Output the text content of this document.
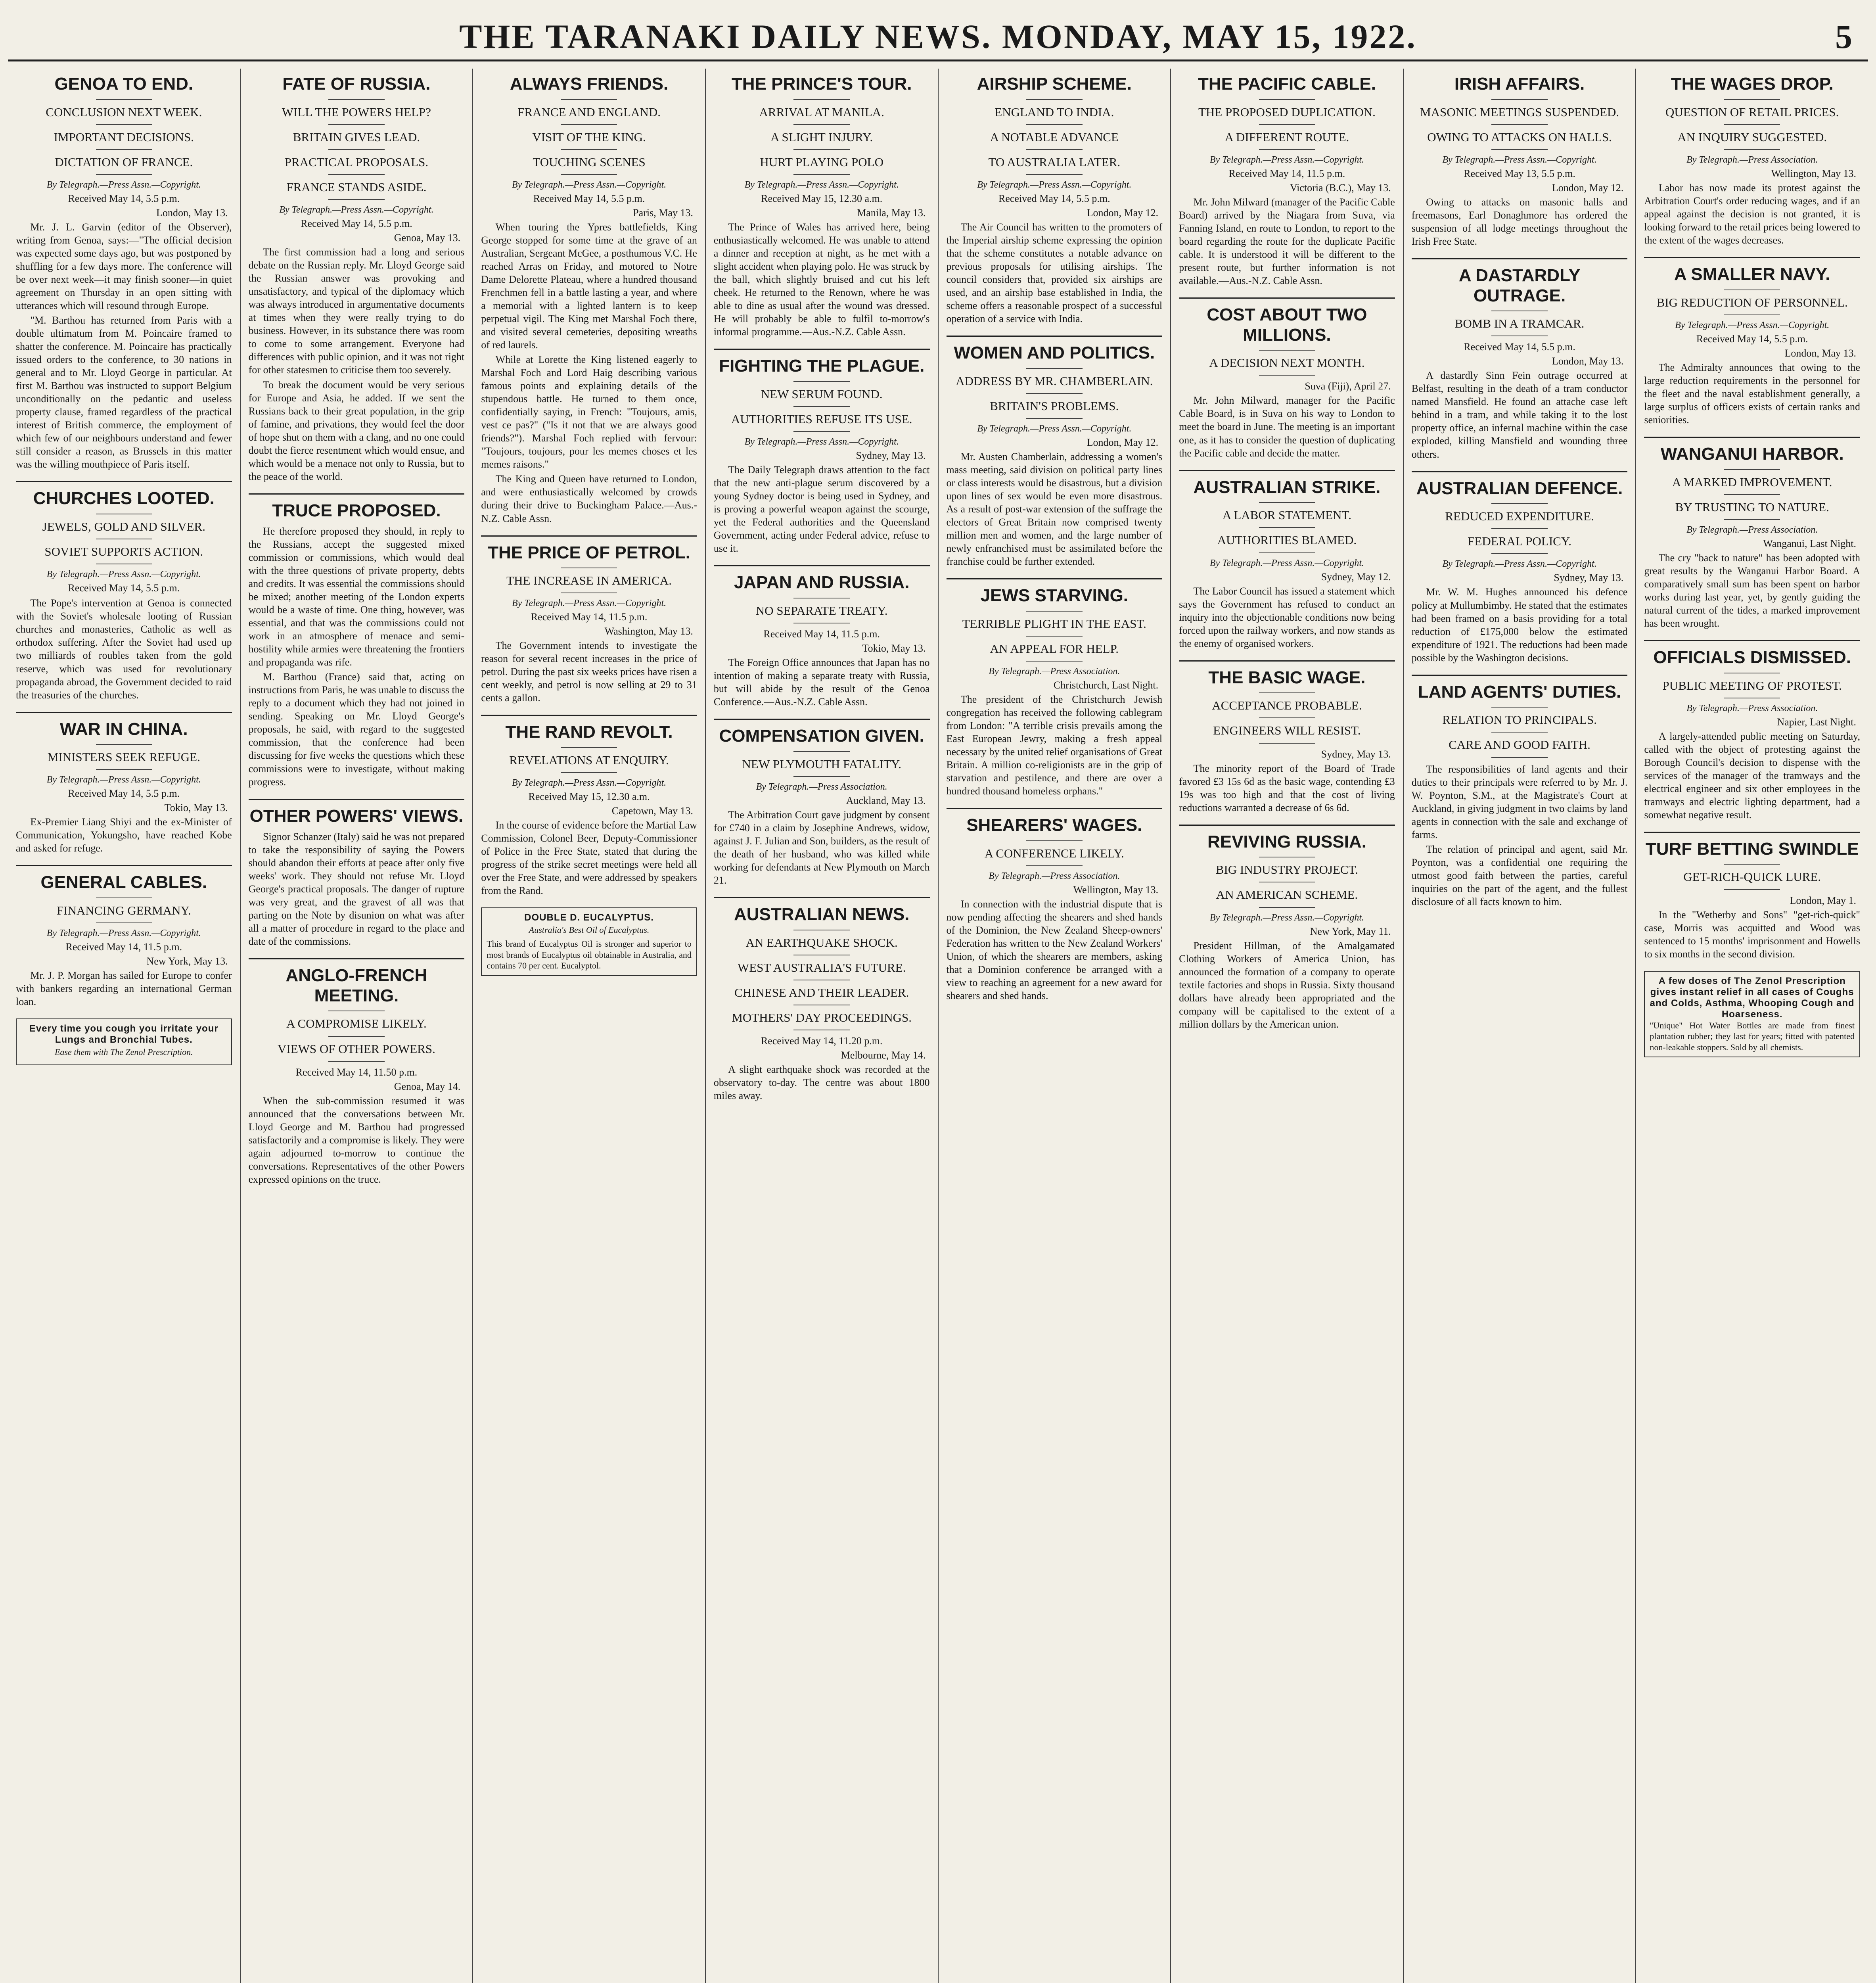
THE TARANAKI DAILY NEWS. MONDAY, MAY 15, 1922.	5
GENOA TO END.
CONCLUSION NEXT WEEK.
IMPORTANT DECISIONS.
DICTATION OF FRANCE.
By Telegraph.—Press Assn.—Copyright.
Received May 14, 5.5 p.m.
London, May 13.

Mr. J. L. Garvin (editor of the Observer), writing from Genoa, says:—"The official decision was expected some days ago, but was postponed by shuffling for a few days more. The conference will be over next week—it may finish sooner—in quiet agreement on Thursday in an open sitting with utterances which will resound through Europe.

"M. Barthou has returned from Paris with a double ultimatum from M. Poincaire framed to shatter the conference. M. Poincaire has practically issued orders to the conference, to 30 nations in general and to Mr. Lloyd George in particular. At first M. Barthou was instructed to support Belgium unconditionally on the pedantic and useless property clause, framed regardless of the practical interest of British commerce, the employment of which few of our neighbours understand and fewer still consider a reason, as Brussels in this matter was the willing mouthpiece of Paris itself.

CHURCHES LOOTED.
JEWELS, GOLD AND SILVER.
SOVIET SUPPORTS ACTION.
By Telegraph.—Press Assn.—Copyright.
Received May 14, 5.5 p.m.

The Pope's intervention at Genoa is connected with the Soviet's wholesale looting of Russian churches and monasteries, Catholic as well as orthodox suffering. After the Soviet had used up two milliards of roubles taken from the gold reserve, which was used for revolutionary propaganda abroad, the Government decided to raid the treasuries of the churches.

WAR IN CHINA.
MINISTERS SEEK REFUGE.
By Telegraph.—Press Assn.—Copyright.
Received May 14, 5.5 p.m.
Tokio, May 13.

Ex-Premier Liang Shiyi and the ex-Minister of Communication, Yokungsho, have reached Kobe and asked for refuge.

GENERAL CABLES.
FINANCING GERMANY.
By Telegraph.—Press Assn.—Copyright.
Received May 14, 11.5 p.m.
New York, May 13.

Mr. J. P. Morgan has sailed for Europe to confer with bankers regarding an international German loan.

Every time you cough you irritate your Lungs and Bronchial Tubes.
Ease them with The Zenol Prescription.
FATE OF RUSSIA.
WILL THE POWERS HELP?
BRITAIN GIVES LEAD.
PRACTICAL PROPOSALS.
FRANCE STANDS ASIDE.
By Telegraph.—Press Assn.—Copyright.
Received May 14, 5.5 p.m.
Genoa, May 13.

The first commission had a long and serious debate on the Russian reply. Mr. Lloyd George said the Russian answer was provoking and unsatisfactory, and typical of the diplomacy which was always introduced in argumentative documents at times when they were really trying to do business. However, in its substance there was room to come to some arrangement. Everyone had differences with public opinion, and it was not right for other statesmen to criticise them too severely.

To break the document would be very serious for Europe and Asia, he added. If we sent the Russians back to their great population, in the grip of famine, and privations, they would feel the door of hope shut on them with a clang, and no one could doubt the fierce resentment which would ensue, and which would be a menace not only to Russia, but to the peace of the world.

TRUCE PROPOSED.

He therefore proposed they should, in reply to the Russians, accept the suggested mixed commission or commissions, which would deal with the three questions of private property, debts and credits. It was essential the commissions should be mixed; another meeting of the London experts would be a waste of time. One thing, however, was essential, and that was the commissions could not work in an atmosphere of menace and semi-hostility while armies were threatening the frontiers and propaganda was rife.

M. Barthou (France) said that, acting on instructions from Paris, he was unable to discuss the reply to a document which they had not joined in sending. Speaking on Mr. Lloyd George's proposals, he said, with regard to the suggested commission, that the conference had been discussing for five weeks the questions which these commissions were to investigate, without making progress.

OTHER POWERS' VIEWS.

Signor Schanzer (Italy) said he was not prepared to take the responsibility of saying the Powers should abandon their efforts at peace after only five weeks' work. They should not refuse Mr. Lloyd George's practical proposals. The danger of rupture was very great, and the gravest of all was that parting on the Note by disunion on what was after all a matter of procedure in regard to the place and date of the commissions.

ANGLO-FRENCH MEETING.
A COMPROMISE LIKELY.
VIEWS OF OTHER POWERS.
Received May 14, 11.50 p.m.
Genoa, May 14.

When the sub-commission resumed it was announced that the conversations between Mr. Lloyd George and M. Barthou had progressed satisfactorily and a compromise is likely. They were again adjourned to-morrow to continue the conversations. Representatives of the other Powers expressed opinions on the truce.

ALWAYS FRIENDS.
FRANCE AND ENGLAND.
VISIT OF THE KING.
TOUCHING SCENES
By Telegraph.—Press Assn.—Copyright.
Received May 14, 5.5 p.m.
Paris, May 13.

When touring the Ypres battlefields, King George stopped for some time at the grave of an Australian, Sergeant McGee, a posthumous V.C. He reached Arras on Friday, and motored to Notre Dame Delorette Plateau, where a hundred thousand Frenchmen fell in a battle lasting a year, and where a memorial with a lighted lantern is to keep perpetual vigil. The King met Marshal Foch there, and visited several cemeteries, depositing wreaths of red laurels.

While at Lorette the King listened eagerly to Marshal Foch and Lord Haig describing various famous points and explaining details of the stupendous battle. He turned to them once, confidentially saying, in French: "Toujours, amis, vest ce pas?" ("Is it not that we are always good friends?"). Marshal Foch replied with fervour: "Toujours, toujours, pour les memes choses et les memes raisons."

The King and Queen have returned to London, and were enthusiastically welcomed by crowds during their drive to Buckingham Palace.—Aus.-N.Z. Cable Assn.

THE PRICE OF PETROL.
THE INCREASE IN AMERICA.
By Telegraph.—Press Assn.—Copyright.
Received May 14, 11.5 p.m.
Washington, May 13.

The Government intends to investigate the reason for several recent increases in the price of petrol. During the past six weeks prices have risen a cent weekly, and petrol is now selling at 29 to 31 cents a gallon.

THE RAND REVOLT.
REVELATIONS AT ENQUIRY.
By Telegraph.—Press Assn.—Copyright.
Received May 15, 12.30 a.m.
Capetown, May 13.

In the course of evidence before the Martial Law Commission, Colonel Beer, Deputy-Commissioner of Police in the Free State, stated that during the progress of the strike secret meetings were held all over the Free State, and were addressed by speakers from the Rand.

DOUBLE D. EUCALYPTUS.
Australia's Best Oil of Eucalyptus.
This brand of Eucalyptus Oil is stronger and superior to most brands of Eucalyptus oil obtainable in Australia, and contains 70 per cent. Eucalyptol.
THE PRINCE'S TOUR.
ARRIVAL AT MANILA.
A SLIGHT INJURY.
HURT PLAYING POLO
By Telegraph.—Press Assn.—Copyright.
Received May 15, 12.30 a.m.
Manila, May 13.

The Prince of Wales has arrived here, being enthusiastically welcomed. He was unable to attend a dinner and reception at night, as he met with a slight accident when playing polo. He was struck by the ball, which slightly bruised and cut his left cheek. He returned to the Renown, where he was able to dine as usual after the wound was dressed. He will probably be able to fulfil to-morrow's informal programme.—Aus.-N.Z. Cable Assn.

FIGHTING THE PLAGUE.
NEW SERUM FOUND.
AUTHORITIES REFUSE ITS USE.
By Telegraph.—Press Assn.—Copyright.
Sydney, May 13.

The Daily Telegraph draws attention to the fact that the new anti-plague serum discovered by a young Sydney doctor is being used in Sydney, and is proving a powerful weapon against the scourge, yet the Federal authorities and the Queensland Government, acting under Federal advice, refuse to use it.

JAPAN AND RUSSIA.
NO SEPARATE TREATY.
Received May 14, 11.5 p.m.
Tokio, May 13.

The Foreign Office announces that Japan has no intention of making a separate treaty with Russia, but will abide by the result of the Genoa Conference.—Aus.-N.Z. Cable Assn.

COMPENSATION GIVEN.
NEW PLYMOUTH FATALITY.
By Telegraph.—Press Association.
Auckland, May 13.

The Arbitration Court gave judgment by consent for £740 in a claim by Josephine Andrews, widow, against J. F. Julian and Son, builders, as the result of the death of her husband, who was killed while working for defendants at New Plymouth on March 21.

AUSTRALIAN NEWS.
AN EARTHQUAKE SHOCK.
WEST AUSTRALIA'S FUTURE.
CHINESE AND THEIR LEADER.
MOTHERS' DAY PROCEEDINGS.
Received May 14, 11.20 p.m.
Melbourne, May 14.

A slight earthquake shock was recorded at the observatory to-day. The centre was about 1800 miles away.

AIRSHIP SCHEME.
ENGLAND TO INDIA.
A NOTABLE ADVANCE
TO AUSTRALIA LATER.
By Telegraph.—Press Assn.—Copyright.
Received May 14, 5.5 p.m.
London, May 12.

The Air Council has written to the promoters of the Imperial airship scheme expressing the opinion that the scheme constitutes a notable advance on previous proposals for utilising airships. The council considers that, provided six airships are used, and an airship base established in India, the scheme offers a reasonable prospect of a successful operation of a service with India.

WOMEN AND POLITICS.
ADDRESS BY MR. CHAMBERLAIN.
BRITAIN'S PROBLEMS.
By Telegraph.—Press Assn.—Copyright.
London, May 12.

Mr. Austen Chamberlain, addressing a women's mass meeting, said division on political party lines or class interests would be disastrous, but a division upon lines of sex would be even more disastrous. As a result of post-war extension of the suffrage the electors of Great Britain now comprised twenty million men and women, and the large number of newly enfranchised must be assimilated before the franchise could be further extended.

JEWS STARVING.
TERRIBLE PLIGHT IN THE EAST.
AN APPEAL FOR HELP.
By Telegraph.—Press Association.
Christchurch, Last Night.

The president of the Christchurch Jewish congregation has received the following cablegram from London: "A terrible crisis prevails among the East European Jewry, making a fresh appeal necessary by the united relief organisations of Great Britain. A million co-religionists are in the grip of starvation and pestilence, and there are over a hundred thousand homeless orphans."

SHEARERS' WAGES.
A CONFERENCE LIKELY.
By Telegraph.—Press Association.
Wellington, May 13.

In connection with the industrial dispute that is now pending affecting the shearers and shed hands of the Dominion, the New Zealand Sheep-owners' Federation has written to the New Zealand Workers' Union, of which the shearers are members, asking that a Dominion conference be arranged with a view to reaching an agreement for a new award for shearers and shed hands.

THE PACIFIC CABLE.
THE PROPOSED DUPLICATION.
A DIFFERENT ROUTE.
By Telegraph.—Press Assn.—Copyright.
Received May 14, 11.5 p.m.
Victoria (B.C.), May 13.

Mr. John Milward (manager of the Pacific Cable Board) arrived by the Niagara from Suva, via Fanning Island, en route to London, to report to the board regarding the route for the duplicate Pacific cable. It is understood it will be different to the present route, but further information is not available.—Aus.-N.Z. Cable Assn.

COST ABOUT TWO MILLIONS.
A DECISION NEXT MONTH.
Suva (Fiji), April 27.

Mr. John Milward, manager for the Pacific Cable Board, is in Suva on his way to London to meet the board in June. The meeting is an important one, as it has to consider the question of duplicating the Pacific cable and decide the matter.

AUSTRALIAN STRIKE.
A LABOR STATEMENT.
AUTHORITIES BLAMED.
By Telegraph.—Press Assn.—Copyright.
Sydney, May 12.

The Labor Council has issued a statement which says the Government has refused to conduct an inquiry into the objectionable conditions now being forced upon the railway workers, and now stands as the enemy of organised workers.

THE BASIC WAGE.
ACCEPTANCE PROBABLE.
ENGINEERS WILL RESIST.
Sydney, May 13.

The minority report of the Board of Trade favored £3 15s 6d as the basic wage, contending £3 19s was too high and that the cost of living reductions warranted a decrease of 6s 6d.

REVIVING RUSSIA.
BIG INDUSTRY PROJECT.
AN AMERICAN SCHEME.
By Telegraph.—Press Assn.—Copyright.
New York, May 11.

President Hillman, of the Amalgamated Clothing Workers of America Union, has announced the formation of a company to operate textile factories and shops in Russia. Sixty thousand dollars have already been appropriated and the company will be capitalised to the extent of a million dollars by the American union.

IRISH AFFAIRS.
MASONIC MEETINGS SUSPENDED.
OWING TO ATTACKS ON HALLS.
By Telegraph.—Press Assn.—Copyright.
Received May 13, 5.5 p.m.
London, May 12.

Owing to attacks on masonic halls and freemasons, Earl Donaghmore has ordered the suspension of all lodge meetings throughout the Irish Free State.

A DASTARDLY OUTRAGE.
BOMB IN A TRAMCAR.
Received May 14, 5.5 p.m.
London, May 13.

A dastardly Sinn Fein outrage occurred at Belfast, resulting in the death of a tram conductor named Mansfield. He found an attache case left behind in a tram, and while taking it to the lost property office, an infernal machine within the case exploded, killing Mansfield and wounding three others.

AUSTRALIAN DEFENCE.
REDUCED EXPENDITURE.
FEDERAL POLICY.
By Telegraph.—Press Assn.—Copyright.
Sydney, May 13.

Mr. W. M. Hughes announced his defence policy at Mullumbimby. He stated that the estimates had been framed on a basis providing for a total reduction of £175,000 below the estimated expenditure of 1921. The reductions had been made possible by the Washington decisions.

LAND AGENTS' DUTIES.
RELATION TO PRINCIPALS.
CARE AND GOOD FAITH.

The responsibilities of land agents and their duties to their principals were referred to by Mr. J. W. Poynton, S.M., at the Magistrate's Court at Auckland, in giving judgment in two claims by land agents in connection with the sale and exchange of farms.

The relation of principal and agent, said Mr. Poynton, was a confidential one requiring the utmost good faith between the parties, careful inquiries on the part of the agent, and the fullest disclosure of all facts known to him.

THE WAGES DROP.
QUESTION OF RETAIL PRICES.
AN INQUIRY SUGGESTED.
By Telegraph.—Press Association.
Wellington, May 13.

Labor has now made its protest against the Arbitration Court's order reducing wages, and if an appeal against the decision is not granted, it is looking forward to the retail prices being lowered to the extent of the wages decreases.

A SMALLER NAVY.
BIG REDUCTION OF PERSONNEL.
By Telegraph.—Press Assn.—Copyright.
Received May 14, 5.5 p.m.
London, May 13.

The Admiralty announces that owing to the large reduction requirements in the personnel for the fleet and the naval establishment generally, a large surplus of officers exists of certain ranks and seniorities.

WANGANUI HARBOR.
A MARKED IMPROVEMENT.
BY TRUSTING TO NATURE.
By Telegraph.—Press Association.
Wanganui, Last Night.

The cry "back to nature" has been adopted with great results by the Wanganui Harbor Board. A comparatively small sum has been spent on harbor works during last year, yet, by gently guiding the natural current of the tides, a marked improvement has been wrought.

OFFICIALS DISMISSED.
PUBLIC MEETING OF PROTEST.
By Telegraph.—Press Association.
Napier, Last Night.

A largely-attended public meeting on Saturday, called with the object of protesting against the Borough Council's decision to dispense with the services of the manager of the tramways and the electrical engineer and six other employees in the tramways and electric lighting department, had a somewhat negative result.

TURF BETTING SWINDLE
GET-RICH-QUICK LURE.
London, May 1.

In the "Wetherby and Sons" "get-rich-quick" case, Morris was acquitted and Wood was sentenced to 15 months' imprisonment and Howells to six months in the second division.

A few doses of The Zenol Prescription gives instant relief in all cases of Coughs and Colds, Asthma, Whooping Cough and Hoarseness.
"Unique" Hot Water Bottles are made from finest plantation rubber; they last for years; fitted with patented non-leakable stoppers. Sold by all chemists.
